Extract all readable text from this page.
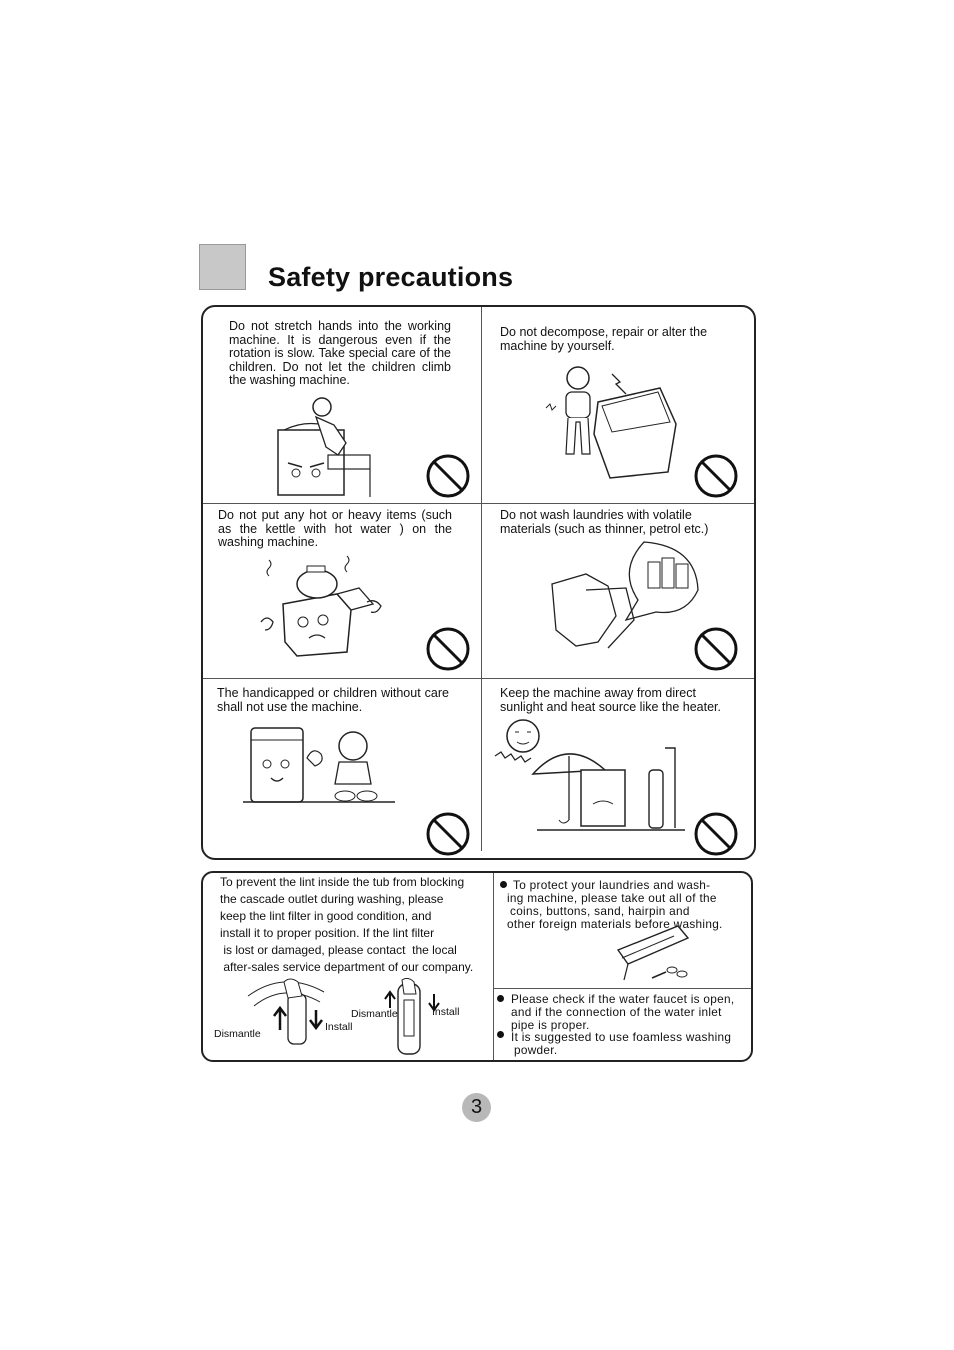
Safety precautions
Do not stretch hands into the working machine. It is dangerous even if the rotation is slow. Take special care of the children. Do not let the children climb the washing machine.
Do not decompose, repair or alter the machine by yourself.
Do not put any hot or heavy items (such as the kettle with hot water ) on the washing machine.
Do not wash laundries with volatile materials (such as thinner, petrol etc.)
The handicapped or children without care shall not use the machine.
Keep the machine away from direct sunlight and heat source like the heater.
To prevent the lint inside the tub from blocking
the cascade outlet during washing, please
keep the lint filter in good condition, and
install it to proper position. If the lint filter
is lost or damaged, please contact  the local
after-sales service department of our company.
Dismantle
Install
Dismantle	Install
To protect your laundries and wash-
ing machine, please take out all of the
coins, buttons, sand, hairpin and
other foreign materials before washing.
Please check if the water faucet is open,
and if the connection of the water inlet
pipe is proper.
It is suggested to use foamless washing
powder.
3
